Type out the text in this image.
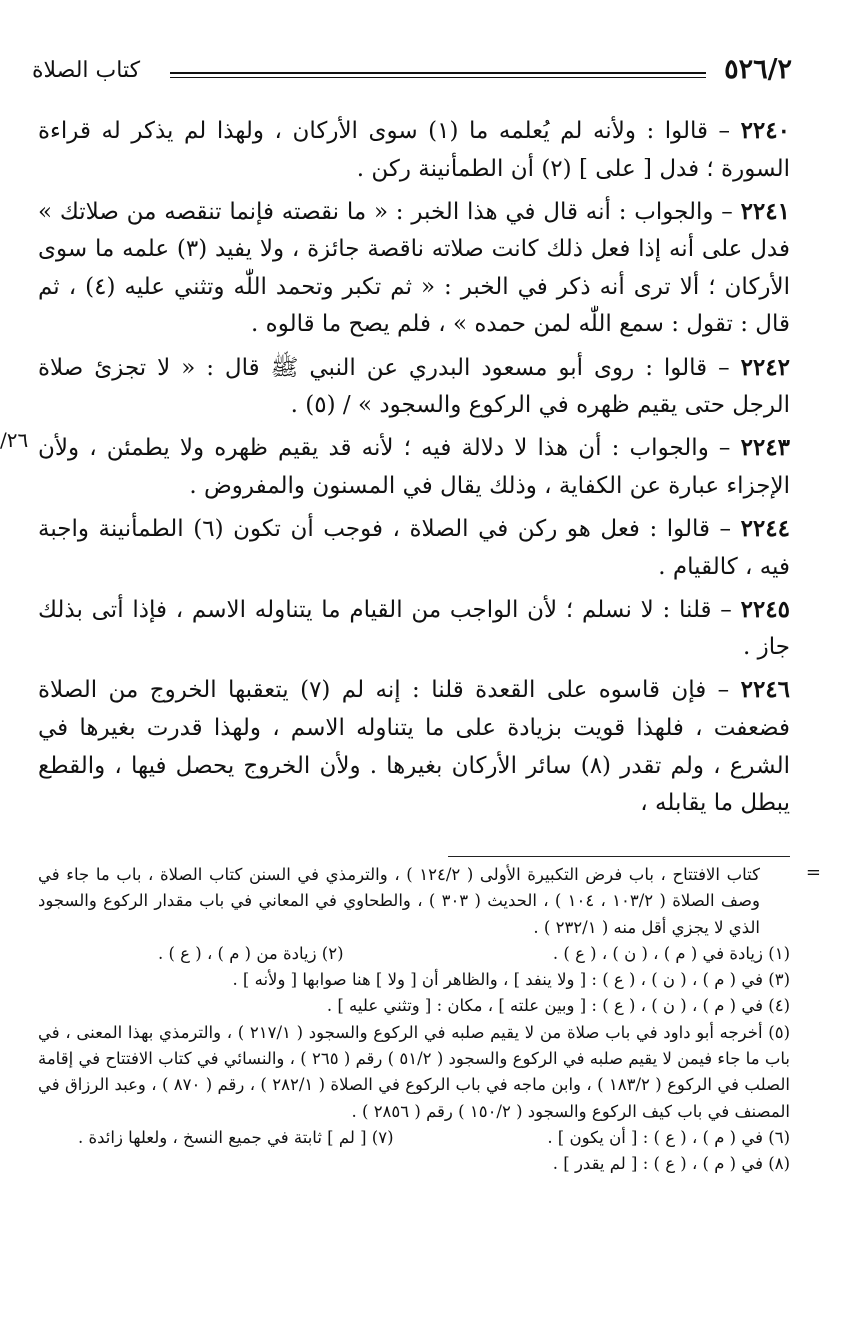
٥٢٦/٢
كتاب الصلاة
٢٦/

٢٢٤٠ – قالوا : ولأنه لم يُعلمه ما (١) سوى الأركان ، ولهذا لم يذكر له قراءة السورة ؛ فدل [ على ] (٢) أن الطمأنينة ركن .

٢٢٤١ – والجواب : أنه قال في هذا الخبر : « ما نقصته فإنما تنقصه من صلاتك » فدل على أنه إذا فعل ذلك كانت صلاته ناقصة جائزة ، ولا يفيد (٣) علمه ما سوى الأركان ؛ ألا ترى أنه ذكر في الخبر : « ثم تكبر وتحمد اللّٰه وتثني عليه (٤) ، ثم قال : تقول : سمع اللّٰه لمن حمده » ، فلم يصح ما قالوه .

٢٢٤٢ – قالوا : روى أبو مسعود البدري عن النبي ﷺ قال : « لا تجزئ صلاة الرجل حتى يقيم ظهره في الركوع والسجود » / (٥) .

٢٢٤٣ – والجواب : أن هذا لا دلالة فيه ؛ لأنه قد يقيم ظهره ولا يطمئن ، ولأن الإجزاء عبارة عن الكفاية ، وذلك يقال في المسنون والمفروض .

٢٢٤٤ – قالوا : فعل هو ركن في الصلاة ، فوجب أن تكون (٦) الطمأنينة واجبة فيه ، كالقيام .

٢٢٤٥ – قلنا : لا نسلم ؛ لأن الواجب من القيام ما يتناوله الاسم ، فإذا أتى بذلك جاز .

٢٢٤٦ – فإن قاسوه على القعدة قلنا : إنه لم (٧) يتعقبها الخروج من الصلاة فضعفت ، فلهذا قويت بزيادة على ما يتناوله الاسم ، ولهذا قدرت بغيرها في الشرع ، ولم تقدر (٨) سائر الأركان بغيرها . ولأن الخروج يحصل فيها ، والقطع يبطل ما يقابله ،

=

كتاب الافتتاح ، باب فرض التكبيرة الأولى ( ١٢٤/٢ ) ، والترمذي في السنن كتاب الصلاة ، باب ما جاء في وصف الصلاة ( ١٠٣/٢ ، ١٠٤ ) ، الحديث ( ٣٠٣ ) ، والطحاوي في المعاني في باب مقدار الركوع والسجود الذي لا يجزي أقل منه ( ٢٣٢/١ ) .

(١) زيادة في ( م ) ، ( ن ) ، ( ع ) .
(٢) زيادة من ( م ) ، ( ع ) .

(٣) في ( م ) ، ( ن ) ، ( ع ) : [ ولا ينفد ] ، والظاهر أن [ ولا ] هنا صوابها [ ولأنه ] .

(٤) في ( م ) ، ( ن ) ، ( ع ) : [ وبين علته ] ، مكان : [ وتثني عليه ] .

(٥) أخرجه أبو داود في باب صلاة من لا يقيم صلبه في الركوع والسجود ( ٢١٧/١ ) ، والترمذي بهذا المعنى ، في باب ما جاء فيمن لا يقيم صلبه في الركوع والسجود ( ٥١/٢ ) رقم ( ٢٦٥ ) ، والنسائي في كتاب الافتتاح في إقامة الصلب في الركوع ( ١٨٣/٢ ) ، وابن ماجه في باب الركوع في الصلاة ( ٢٨٢/١ ) ، رقم ( ٨٧٠ ) ، وعبد الرزاق في المصنف في باب كيف الركوع والسجود ( ١٥٠/٢ ) رقم ( ٢٨٥٦ ) .

(٦) في ( م ) ، ( ع ) : [ أن يكون ] .
(٧) [ لم ] ثابتة في جميع النسخ ، ولعلها زائدة .

(٨) في ( م ) ، ( ع ) : [ لم يقدر ] .
